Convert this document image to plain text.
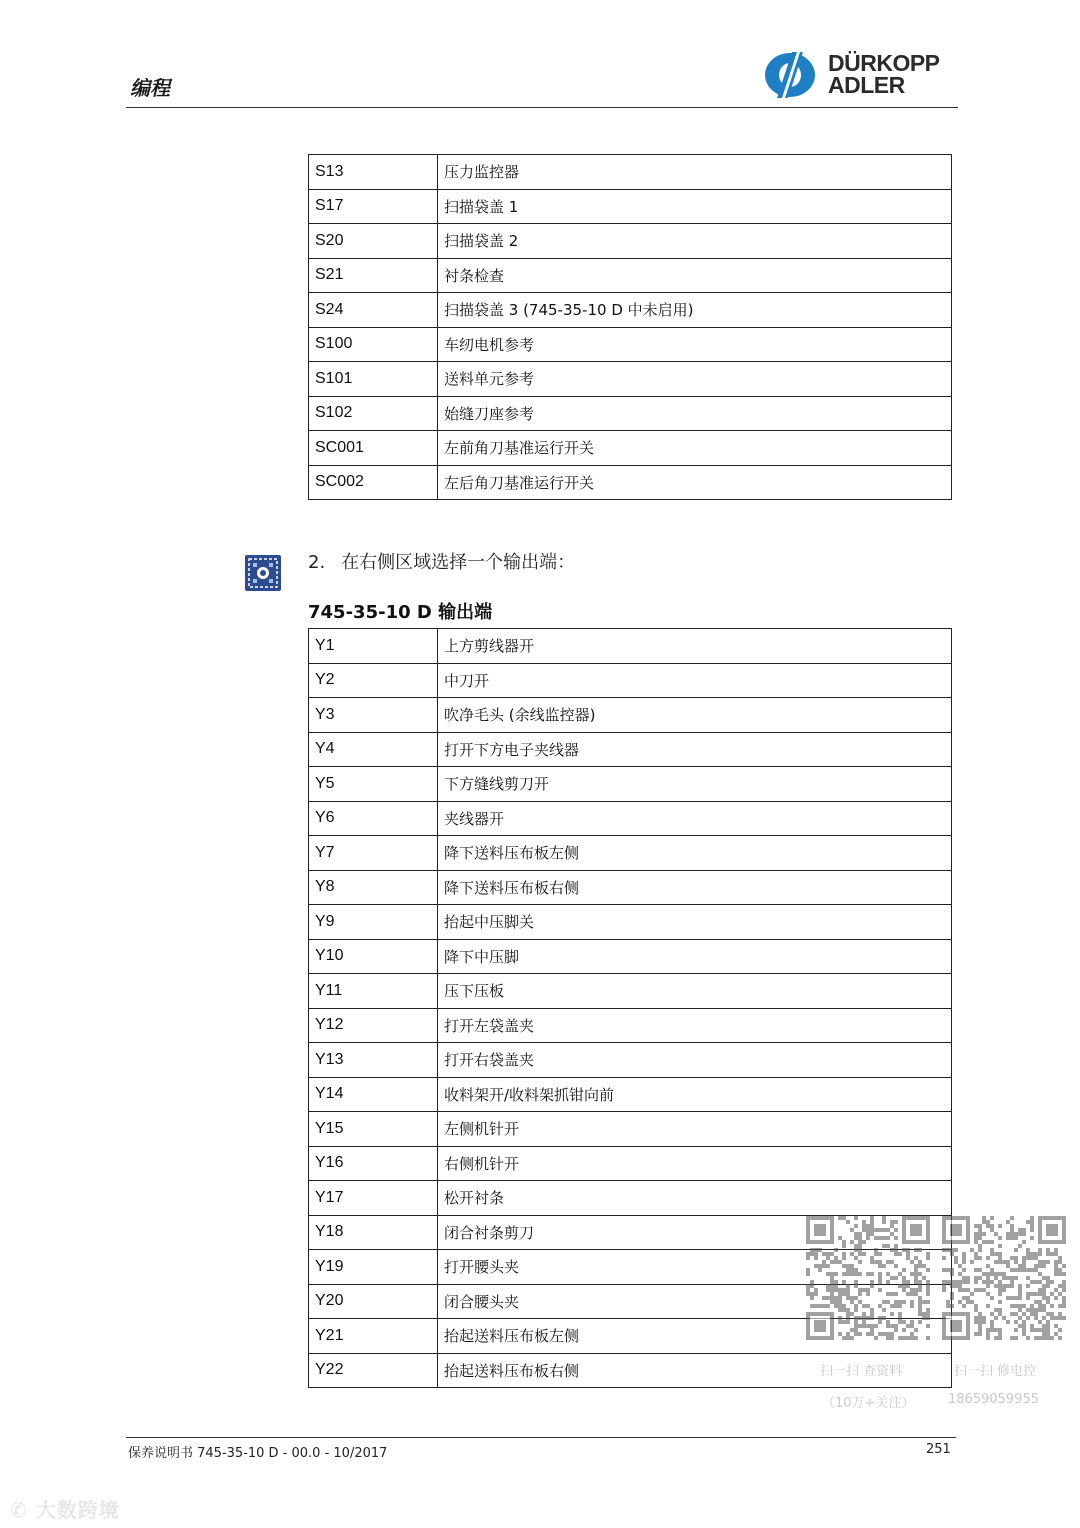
编程
DÜRKOPP
ADLER
S13	压力监控器
S17	扫描袋盖 1
S20	扫描袋盖 2
S21	衬条检查
S24	扫描袋盖 3 (745-35-10 D 中未启用)
S100	车纫电机参考
S101	送料单元参考
S102	始缝刀座参考
SC001	左前角刀基准运行开关
SC002	左后角刀基准运行开关
2. 在右侧区域选择一个输出端：
745-35-10 D 输出端
Y1	上方剪线器开
Y2	中刀开
Y3	吹净毛头 (余线监控器)
Y4	打开下方电子夹线器
Y5	下方缝线剪刀开
Y6	夹线器开
Y7	降下送料压布板左侧
Y8	降下送料压布板右侧
Y9	抬起中压脚关
Y10	降下中压脚
Y11	压下压板
Y12	打开左袋盖夹
Y13	打开右袋盖夹
Y14	收料架开/收料架抓钳向前
Y15	左侧机针开
Y16	右侧机针开
Y17	松开衬条
Y18	闭合衬条剪刀
Y19	打开腰头夹
Y20	闭合腰头夹
Y21	抬起送料压布板左侧
Y22	抬起送料压布板右侧	扫一扫 查资料
（10万+关注）
扫一扫 修电控
18659059955
保养说明书 745-35-10 D - 00.0 - 10/2017	251
✆ 大数跨境
